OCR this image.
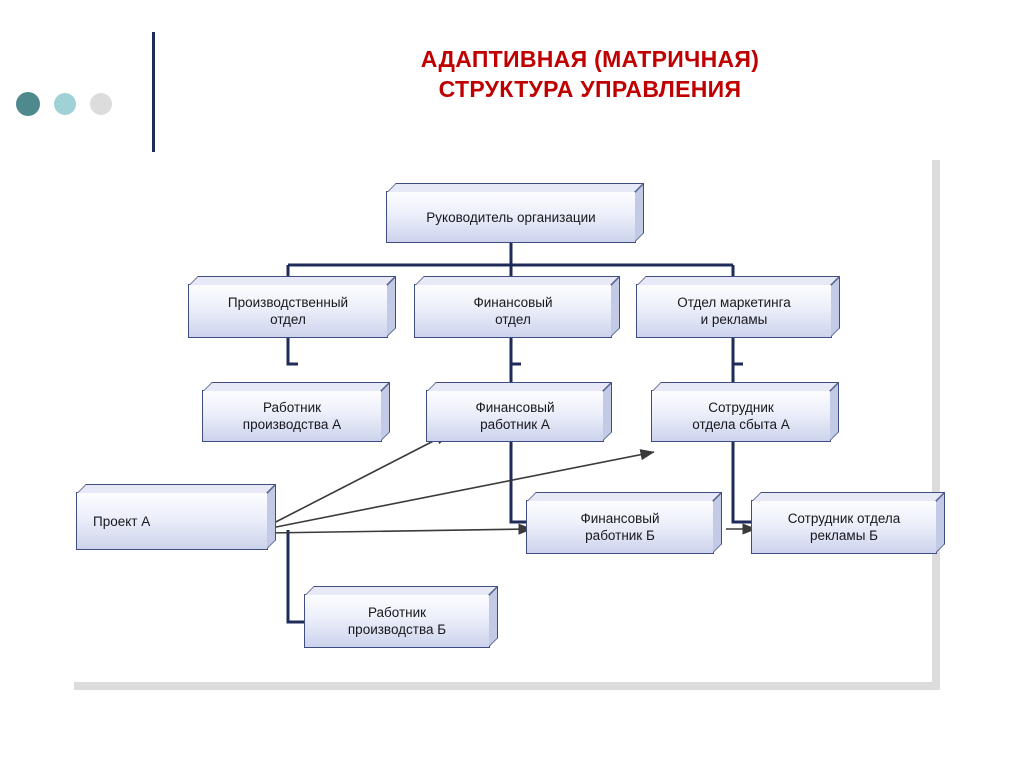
АДАПТИВНАЯ (МАТРИЧНАЯ)
СТРУКТУРА УПРАВЛЕНИЯ
Руководитель организации
Производственный
отдел
Финансовый
отдел
Отдел маркетинга
и рекламы
Работник
производства А
Финансовый
работник А
Сотрудник
отдела сбыта А
Проект А	Финансовый
работник Б
Сотрудник отдела
рекламы Б
Работник
производства Б
